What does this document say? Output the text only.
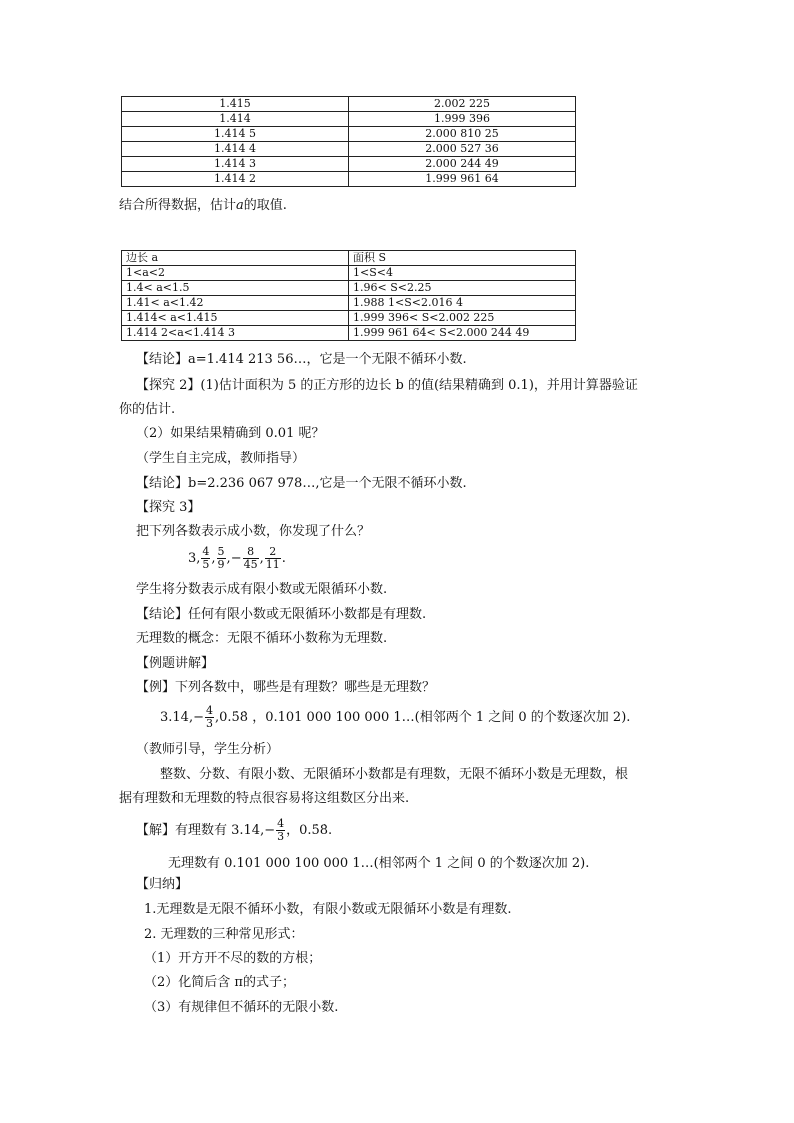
1.415	2.002 225
1.414	1.999 396
1.414 5	2.000 810 25
1.414 4	2.000 527 36
1.414 3	2.000 244 49
1.414 2	1.999 961 64
结合所得数据，估计a的取值.
边长 a	面积 S
1<a<2	1<S<4
1.4< a<1.5	1.96< S<2.25
1.41< a<1.42	1.988 1<S<2.016 4
1.414< a<1.415	1.999 396< S<2.002 225
1.414 2<a<1.414 3	1.999 961 64< S<2.000 244 49
【结论】a=1.414 213 56…，它是一个无限不循环小数.
【探究 2】(1)估计面积为 5 的正方形的边长 b 的值(结果精确到 0.1)，并用计算器验证
你的估计.
（2）如果结果精确到 0.01 呢？
（学生自主完成，教师指导）
【结论】b=2.236 067 978…,它是一个无限不循环小数.
【探究 3】
把下列各数表示成小数，你发现了什么？
3, $\frac{4}{5}$ , $\frac{5}{9}$ ,− $\frac{8}{45}$ , $\frac{2}{11}$ .
学生将分数表示成有限小数或无限循环小数.
【结论】任何有限小数或无限循环小数都是有理数.
无理数的概念：无限不循环小数称为无理数.
【例题讲解】
【例】下列各数中，哪些是有理数？哪些是无理数？
$3.14,- \frac{4}{3}$ ,0.5̇8̇ ，0.101 000 100 000 1…(相邻两个 1 之间 0 的个数逐次加 2).
（教师引导，学生分析）
整数、分数、有限小数、无限循环小数都是有理数，无限不循环小数是无理数，根
据有理数和无理数的特点很容易将这组数区分出来.
【解】有理数有 $3.14,- \frac{4}{3}$ ，0.5̇8̇.
无理数有 0.101 000 100 000 1…(相邻两个 1 之间 0 的个数逐次加 2).
【归纳】
1.无理数是无限不循环小数，有限小数或无限循环小数是有理数.
2. 无理数的三种常见形式：
（1）开方开不尽的数的方根；
（2）化简后含 π的式子；
（3）有规律但不循环的无限小数.
